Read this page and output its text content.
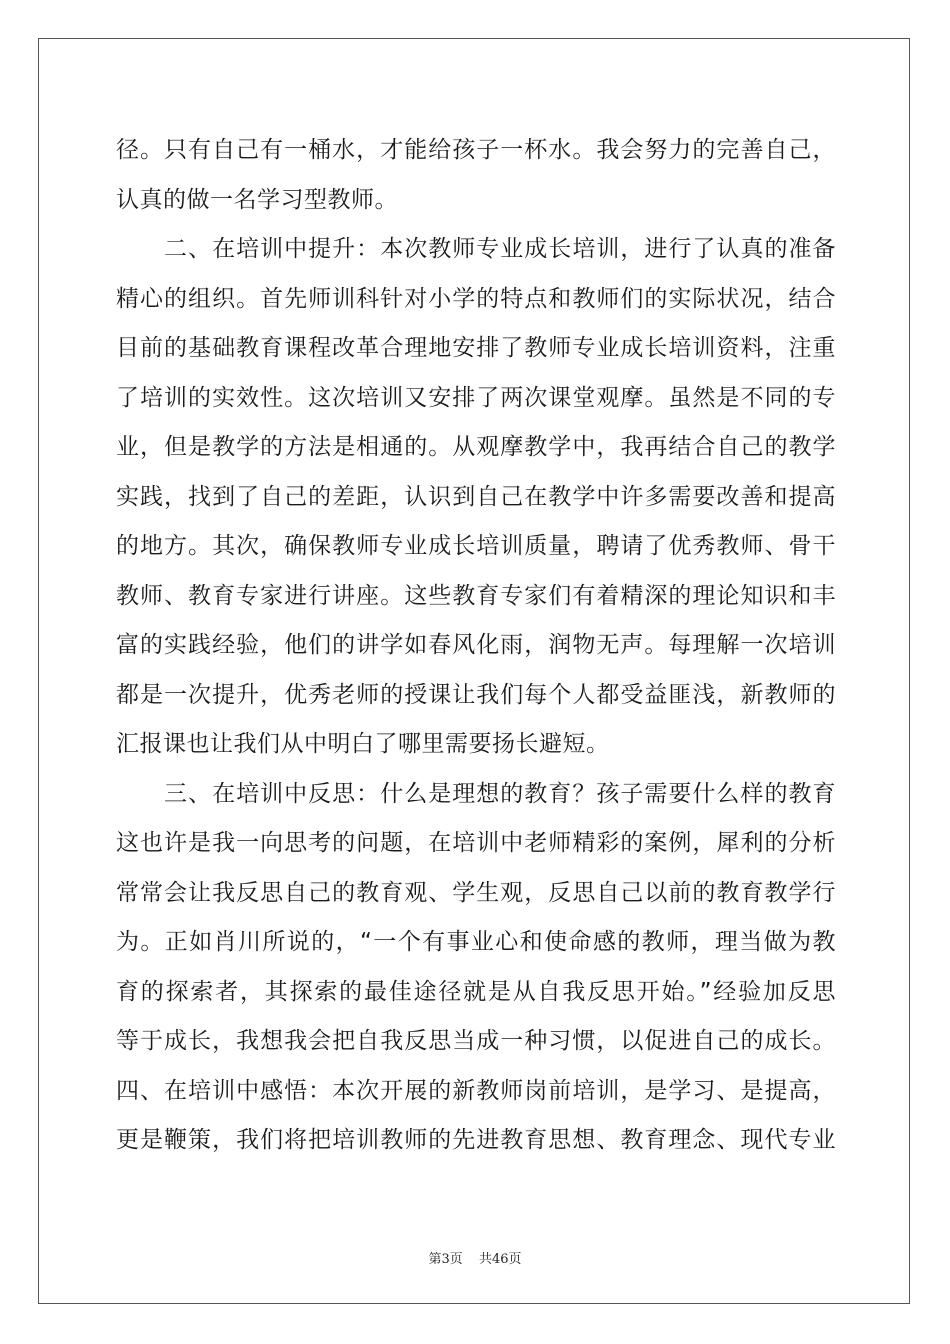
径。只有自己有一桶水，才能给孩子一杯水。我会努力的完善自己，
认真的做一名学习型教师。
　　二、在培训中提升：本次教师专业成长培训，进行了认真的准备
精心的组织。首先师训科针对小学的特点和教师们的实际状况，结合
目前的基础教育课程改革合理地安排了教师专业成长培训资料，注重
了培训的实效性。这次培训又安排了两次课堂观摩。虽然是不同的专
业，但是教学的方法是相通的。从观摩教学中，我再结合自己的教学
实践，找到了自己的差距，认识到自己在教学中许多需要改善和提高
的地方。其次，确保教师专业成长培训质量，聘请了优秀教师、骨干
教师、教育专家进行讲座。这些教育专家们有着精深的理论知识和丰
富的实践经验，他们的讲学如春风化雨，润物无声。每理解一次培训
都是一次提升，优秀老师的授课让我们每个人都受益匪浅，新教师的
汇报课也让我们从中明白了哪里需要扬长避短。
　　三、在培训中反思：什么是理想的教育？孩子需要什么样的教育
这也许是我一向思考的问题，在培训中老师精彩的案例，犀利的分析
常常会让我反思自己的教育观、学生观，反思自己以前的教育教学行
为。正如肖川所说的，“一个有事业心和使命感的教师，理当做为教
育的探索者，其探索的最佳途径就是从自我反思开始。”经验加反思
等于成长，我想我会把自我反思当成一种习惯，以促进自己的成长。
四、在培训中感悟：本次开展的新教师岗前培训，是学习、是提高，
更是鞭策，我们将把培训教师的先进教育思想、教育理念、现代专业
第3页 共46页
